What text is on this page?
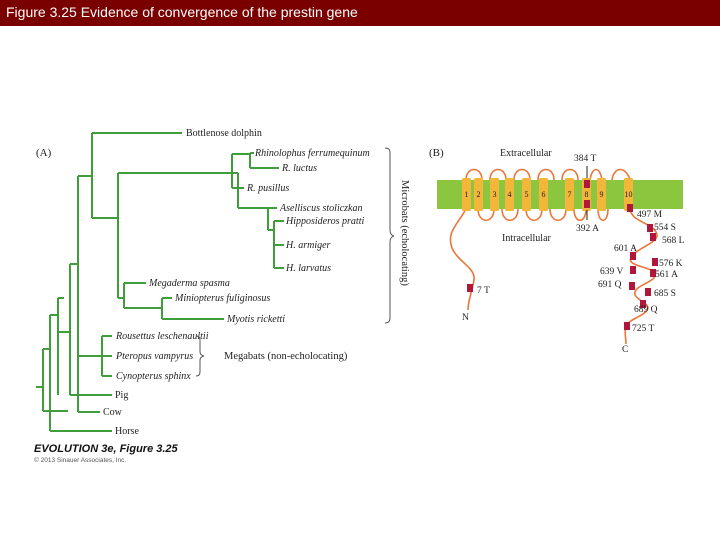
Figure 3.25 Evidence of convergence of the prestin gene
(A)
Bottlenose dolphin
Rhinolophus ferrumequinum
R. luctus
R. pusillus
Aselliscus stoliczkan
Hipposideros pratti
H. armiger
H. larvatus
Megaderma spasma
Miniopterus fuliginosus
Myotis ricketti
Rousettus leschenaultii
Pteropus vampyrus
Cynopterus sphinx
Pig
Cow
Horse
Microbats (echolocating)
Megabats (non-echolocating)
(B)	Extracellular
1 2 3 4 5 6	7 8 9	10
384 T
392 A
497 M
554 S
568 L
601 A
576 K
639 V	561 A
691 Q
685 S
689 Q
725 T
7 T
Intracellular
N
C
EVOLUTION 3e, Figure 3.25
© 2013 Sinauer Associates, Inc.
